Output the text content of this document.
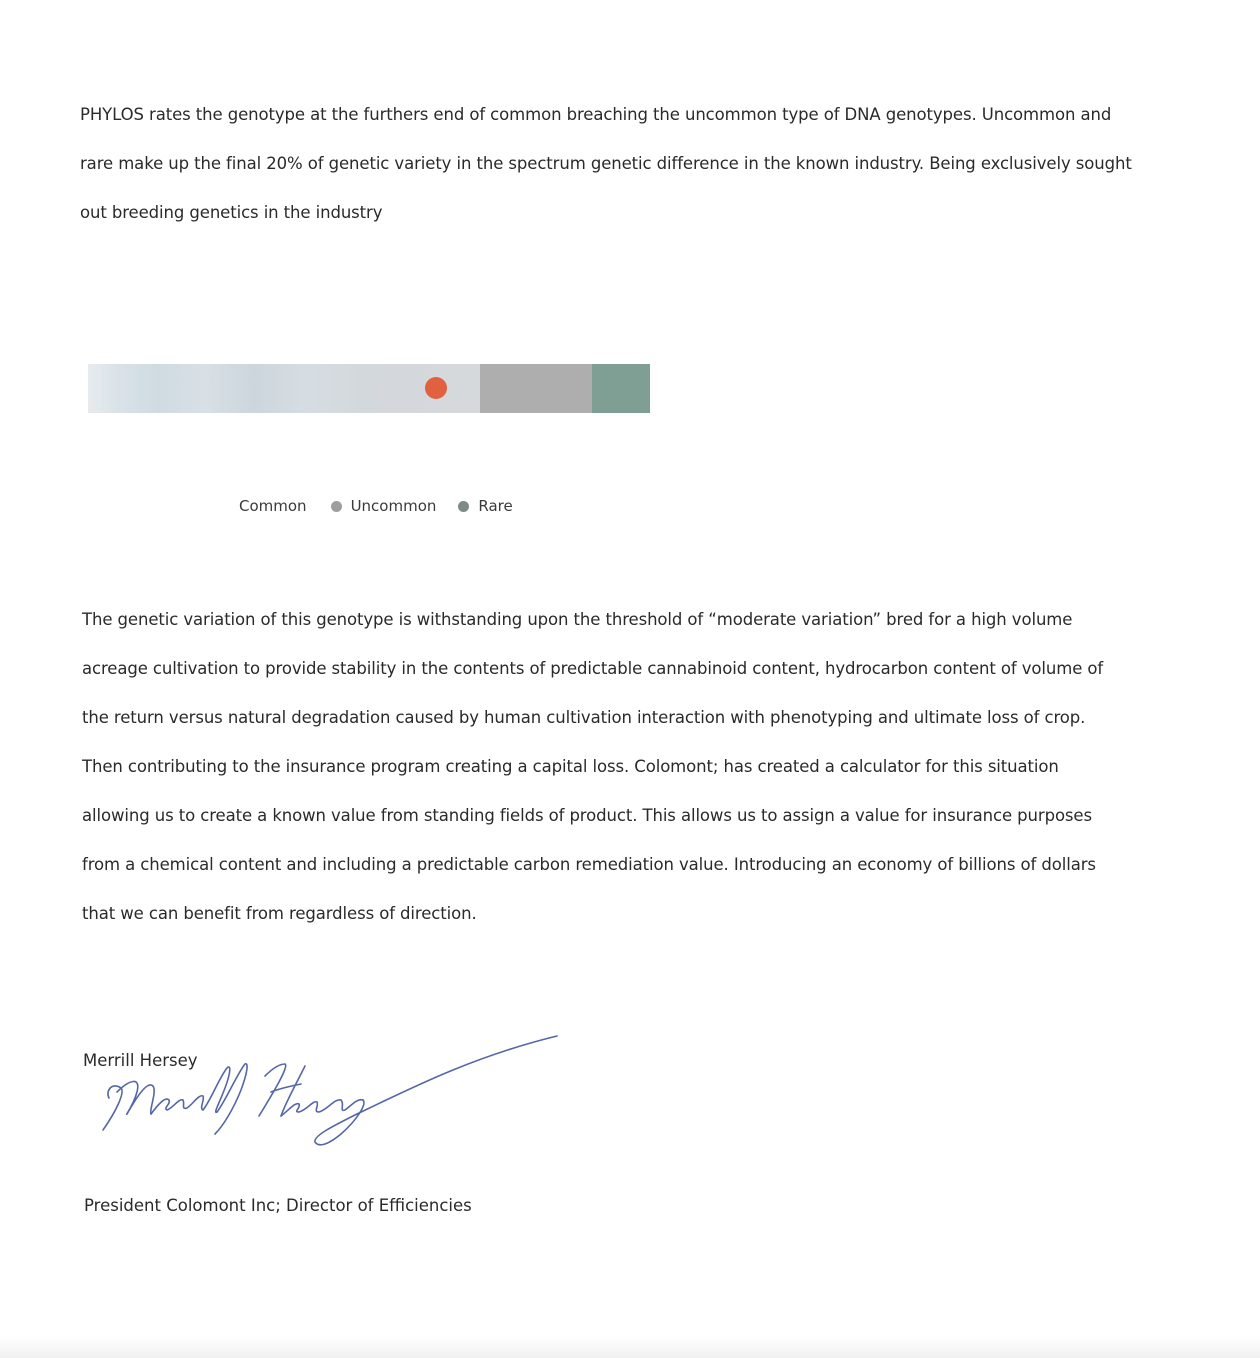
PHYLOS rates the genotype at the furthers end of common breaching the uncommon type of DNA genotypes. Uncommon and
rare make up the final 20% of genetic variety in the spectrum genetic difference in the known industry. Being exclusively sought
out breeding genetics in the industry
Common	Uncommon	Rare
The genetic variation of this genotype is withstanding upon the threshold of “moderate variation” bred for a high volume
acreage cultivation to provide stability in the contents of predictable cannabinoid content, hydrocarbon content of volume of
the return versus natural degradation caused by human cultivation interaction with phenotyping and ultimate loss of crop.
Then contributing to the insurance program creating a capital loss. Colomont; has created a calculator for this situation
allowing us to create a known value from standing fields of product. This allows us to assign a value for insurance purposes
from a chemical content and including a predictable carbon remediation value. Introducing an economy of billions of dollars
that we can benefit from regardless of direction.
Merrill Hersey
President Colomont Inc; Director of Efficiencies
